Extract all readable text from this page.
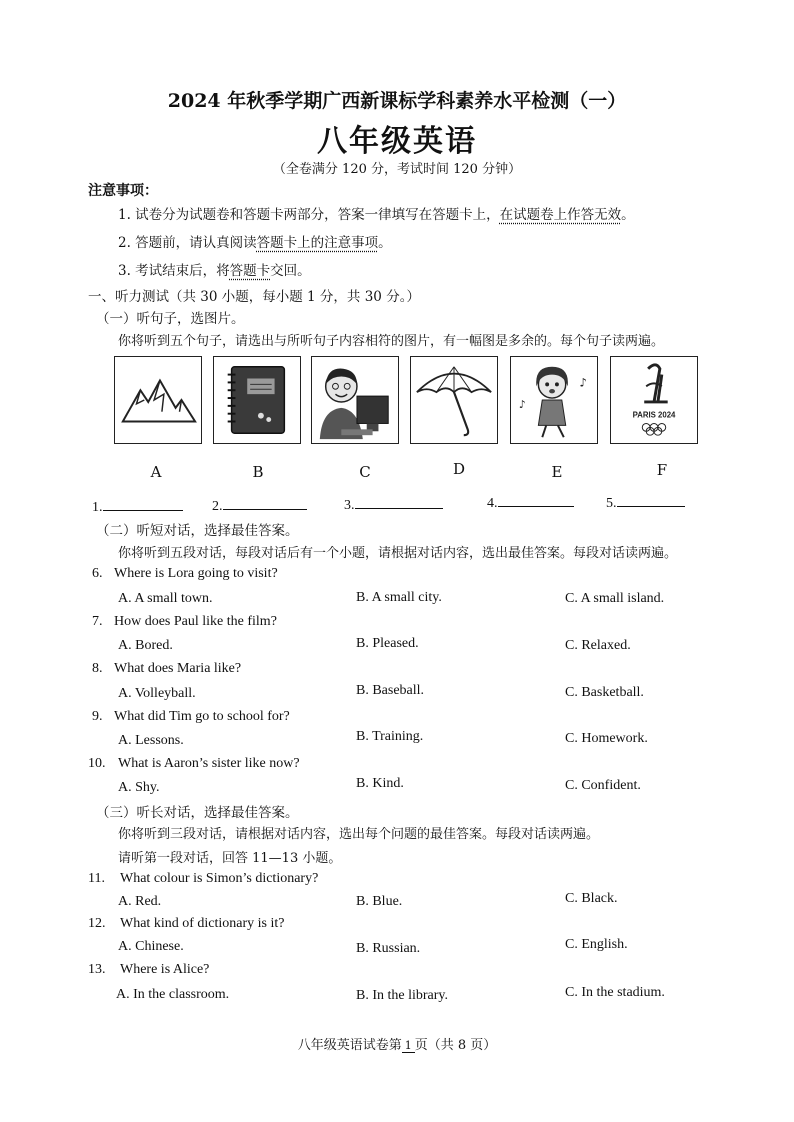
2024 年秋季学期广西新课标学科素养水平检测（一）
八年级英语
（全卷满分 120 分，考试时间 120 分钟）
注意事项：
1. 试卷分为试题卷和答题卡两部分，答案一律填写在答题卡上，在试题卷上作答无效。
2. 答题前，请认真阅读答题卡上的注意事项。
3. 考试结束后，将答题卡交回。
一、听力测试（共 30 小题，每小题 1 分，共 30 分。）
（一）听句子，选图片。
你将听到五个句子，请选出与所听句子内容相符的图片，有一幅图是多余的。每个句子读两遍。
♪
♪
PARIS 2024
A	B	C	D	E	F
1.	2.	3.	4.	5.
（二）听短对话，选择最佳答案。
你将听到五段对话，每段对话后有一个小题，请根据对话内容，选出最佳答案。每段对话读两遍。
6. Where is Lora going to visit?
A. A small town.	B. A small city.	C. A small island.
7. How does Paul like the film?
A. Bored.	B. Pleased.	C. Relaxed.
8. What does Maria like?
A. Volleyball.	B. Baseball.	C. Basketball.
9. What did Tim go to school for?
A. Lessons.	B. Training.	C. Homework.
10. What is Aaron’s sister like now?
A. Shy.	B. Kind.	C. Confident.
（三）听长对话，选择最佳答案。
你将听到三段对话，请根据对话内容，选出每个问题的最佳答案。每段对话读两遍。
请听第一段对话，回答 11—13 小题。
11. What colour is Simon’s dictionary?
A. Red.	B. Blue.	C. Black.
12. What kind of dictionary is it?
A. Chinese.	B. Russian.	C. English.
13. Where is Alice?
A. In the classroom.	B. In the library.	C. In the stadium.
八年级英语试卷第 1 页（共 8 页）
